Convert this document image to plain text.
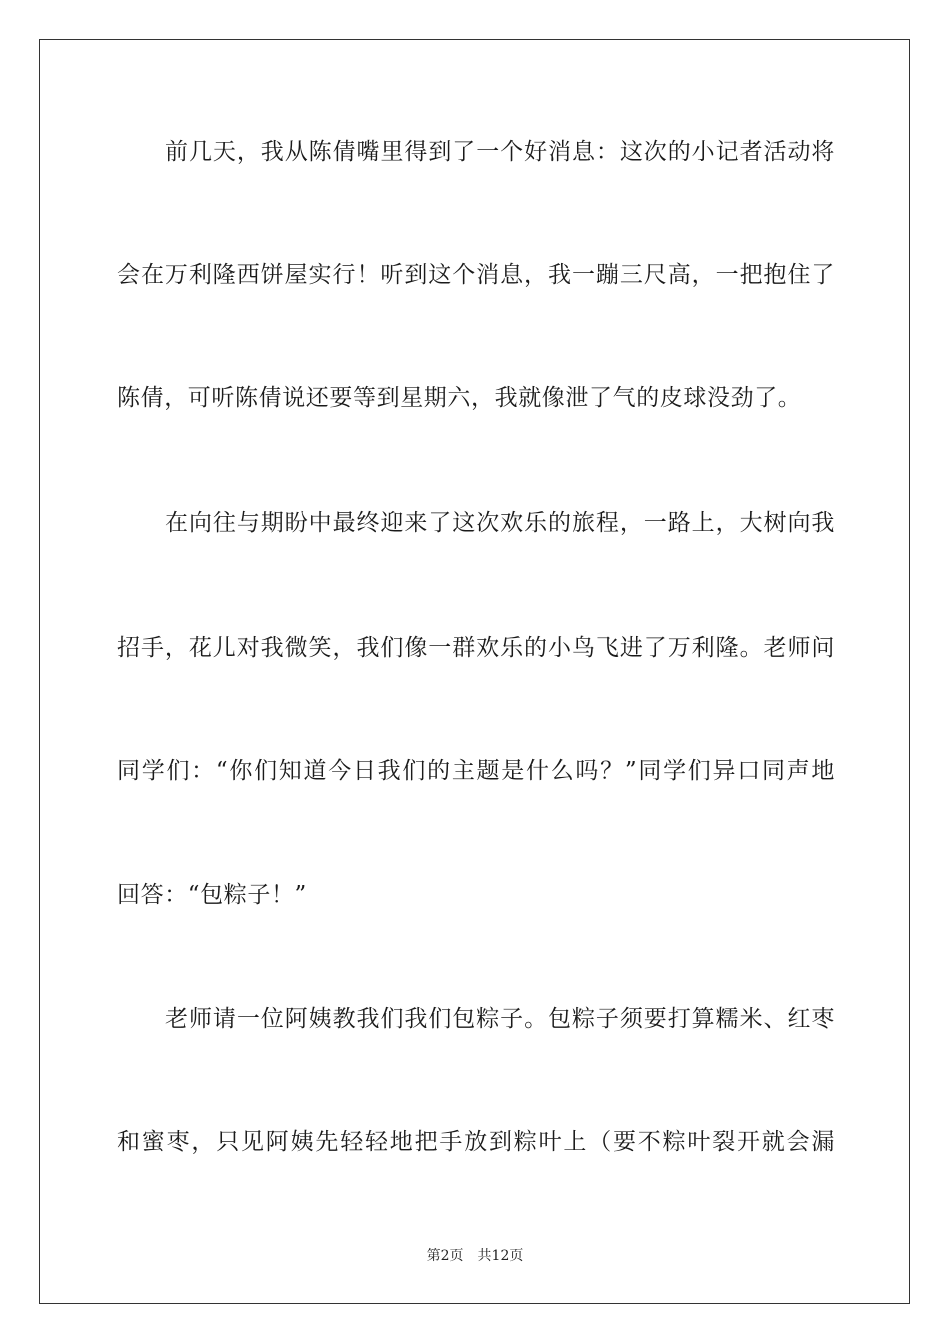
前几天，我从陈倩嘴里得到了一个好消息：这次的小记者活动将
会在万利隆西饼屋实行！听到这个消息，我一蹦三尺高，一把抱住了
陈倩，可听陈倩说还要等到星期六，我就像泄了气的皮球没劲了。
在向往与期盼中最终迎来了这次欢乐的旅程，一路上，大树向我
招手，花儿对我微笑，我们像一群欢乐的小鸟飞进了万利隆。老师问
同学们：“你们知道今日我们的主题是什么吗？”同学们异口同声地
回答：“包粽子！”
老师请一位阿姨教我们我们包粽子。包粽子须要打算糯米、红枣
和蜜枣，只见阿姨先轻轻地把手放到粽叶上（要不粽叶裂开就会漏
第2页 共12页
